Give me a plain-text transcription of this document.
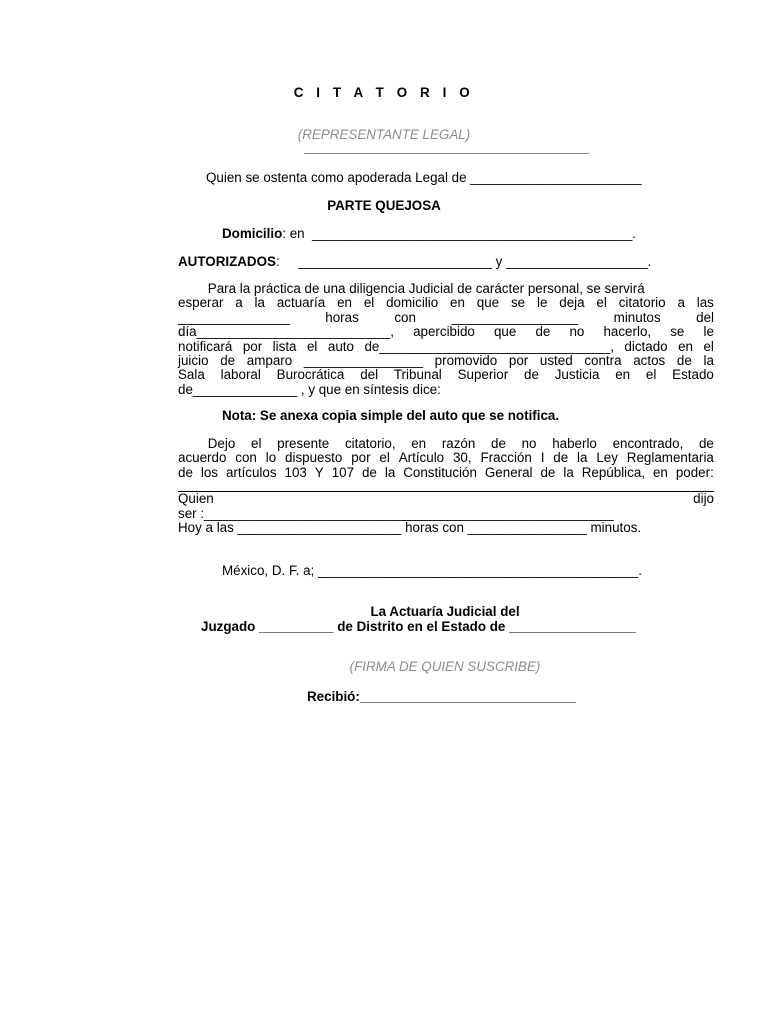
C I T A T O R I O
(REPRESENTANTE LEGAL)
Quien se ostenta como apoderada Legal de _______________________
PARTE QUEJOSA
Domicilio: en  ___________________________________________.
AUTORIZADOS:     __________________________ y ___________________.
Para la práctica de una diligencia Judicial de carácter personal, se servirá
esperar a la actuaría en el domicilio en que se le deja el citatorio a las
_______________	horas	con	_________________	minutos	del
día__________________________, apercibido que de no hacerlo, se le
notificará por lista el auto de_______________________________, dictado en el
juicio de amparo ________________ promovido por usted contra actos de la
Sala laboral Burocrática del Tribunal Superior de Justicia en el Estado
de______________ , y que en síntesis dice:
Nota: Se anexa copia simple del auto que se notifica.
Dejo el presente citatorio, en razón de no haberlo encontrado, de
acuerdo con lo dispuesto por el Artículo 30, Fracción I de la Ley Reglamentaria
de los artículos 103 Y 107 de la Constitución General de la República, en poder:
Quien	dijo
ser :_______________________________________________________
Hoy a las ______________________ horas con ________________ minutos.
México, D. F. a; ___________________________________________.
La Actuaría Judicial del
Juzgado __________ de Distrito en el Estado de _________________
(FIRMA DE QUIEN SUSCRIBE)
Recibió:_____________________________
